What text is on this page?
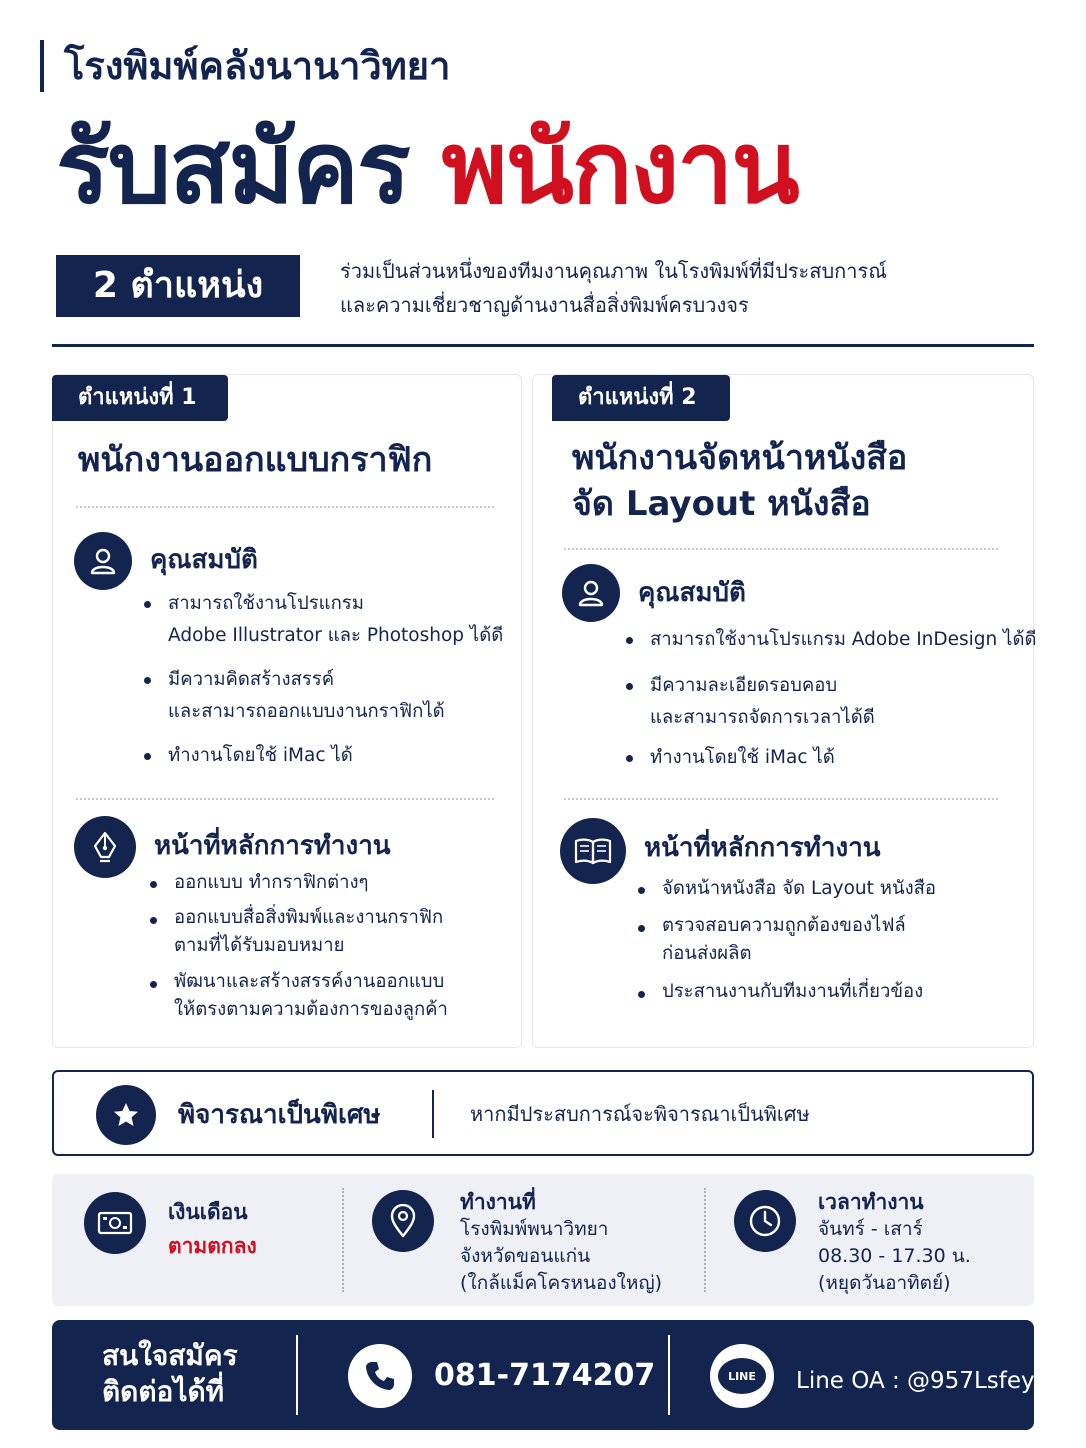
โรงพิมพ์คลังนานาวิทยา
รับสมัคร พนักงาน
2 ตำแหน่ง	ร่วมเป็นส่วนหนึ่งของทีมงานคุณภาพ ในโรงพิมพ์ที่มีประสบการณ์
และความเชี่ยวชาญด้านงานสื่อสิ่งพิมพ์ครบวงจร
ตำแหน่งที่ 1
พนักงานออกแบบกราฟิก
คุณสมบัติ
สามารถใช้งานโปรแกรม
Adobe Illustrator และ Photoshop ได้ดี
มีความคิดสร้างสรรค์
และสามารถออกแบบงานกราฟิกได้
ทำงานโดยใช้ iMac ได้
หน้าที่หลักการทำงาน
ออกแบบ ทำกราฟิกต่างๆ
ออกแบบสื่อสิ่งพิมพ์และงานกราฟิก
ตามที่ได้รับมอบหมาย
พัฒนาและสร้างสรรค์งานออกแบบ
ให้ตรงตามความต้องการของลูกค้า
ตำแหน่งที่ 2
พนักงานจัดหน้าหนังสือ
จัด Layout หนังสือ
คุณสมบัติ
สามารถใช้งานโปรแกรม Adobe InDesign ได้ดี
มีความละเอียดรอบคอบ
และสามารถจัดการเวลาได้ดี
ทำงานโดยใช้ iMac ได้
หน้าที่หลักการทำงาน
จัดหน้าหนังสือ จัด Layout หนังสือ
ตรวจสอบความถูกต้องของไฟล์
ก่อนส่งผลิต
ประสานงานกับทีมงานที่เกี่ยวข้อง
พิจารณาเป็นพิเศษ	หากมีประสบการณ์จะพิจารณาเป็นพิเศษ
เงินเดือน
ตามตกลง
ทำงานที่
โรงพิมพ์พนาวิทยา
จังหวัดขอนแก่น
(ใกล้แม็คโครหนองใหญ่)
เวลาทำงาน
จันทร์ - เสาร์
08.30 - 17.30 น.
(หยุดวันอาทิตย์)
สนใจสมัคร
ติดต่อได้ที่	081-7174207	LINE	Line OA : @957Lsfey
